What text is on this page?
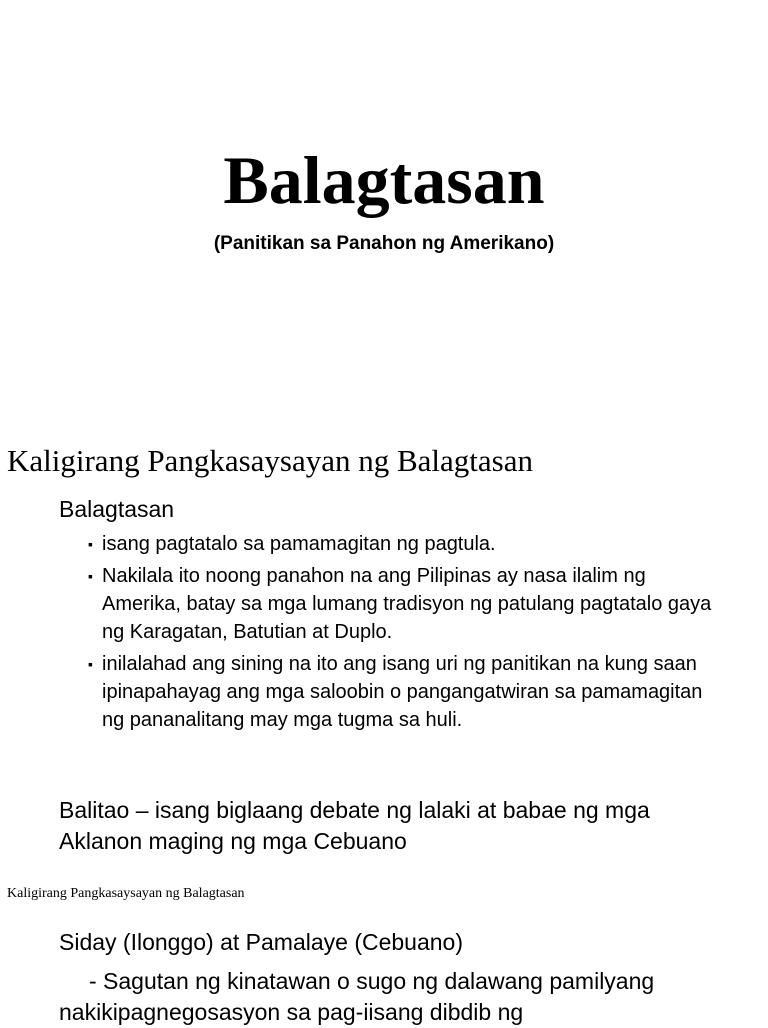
Balagtasan
(Panitikan sa Panahon ng Amerikano)
Kaligirang Pangkasaysayan ng Balagtasan
Balagtasan
▪ isang pagtatalo sa pamamagitan ng pagtula.
▪ Nakilala ito noong panahon na ang Pilipinas ay nasa ilalim ng Amerika, batay sa mga lumang tradisyon ng patulang pagtatalo gaya ng Karagatan, Batutian at Duplo.
▪ inilalahad ang sining na ito ang isang uri ng panitikan na kung saan ipinapahayag ang mga saloobin o pangangatwiran sa pamamagitan ng pananalitang may mga tugma sa huli.
Balitao – isang biglaang debate ng lalaki at babae ng mga Aklanon maging ng mga Cebuano
Kaligirang Pangkasaysayan ng Balagtasan
Siday (Ilonggo) at Pamalaye (Cebuano)
- Sagutan ng kinatawan o sugo ng dalawang pamilyang nakikipagnegosasyon sa pag-iisang dibdib ng
